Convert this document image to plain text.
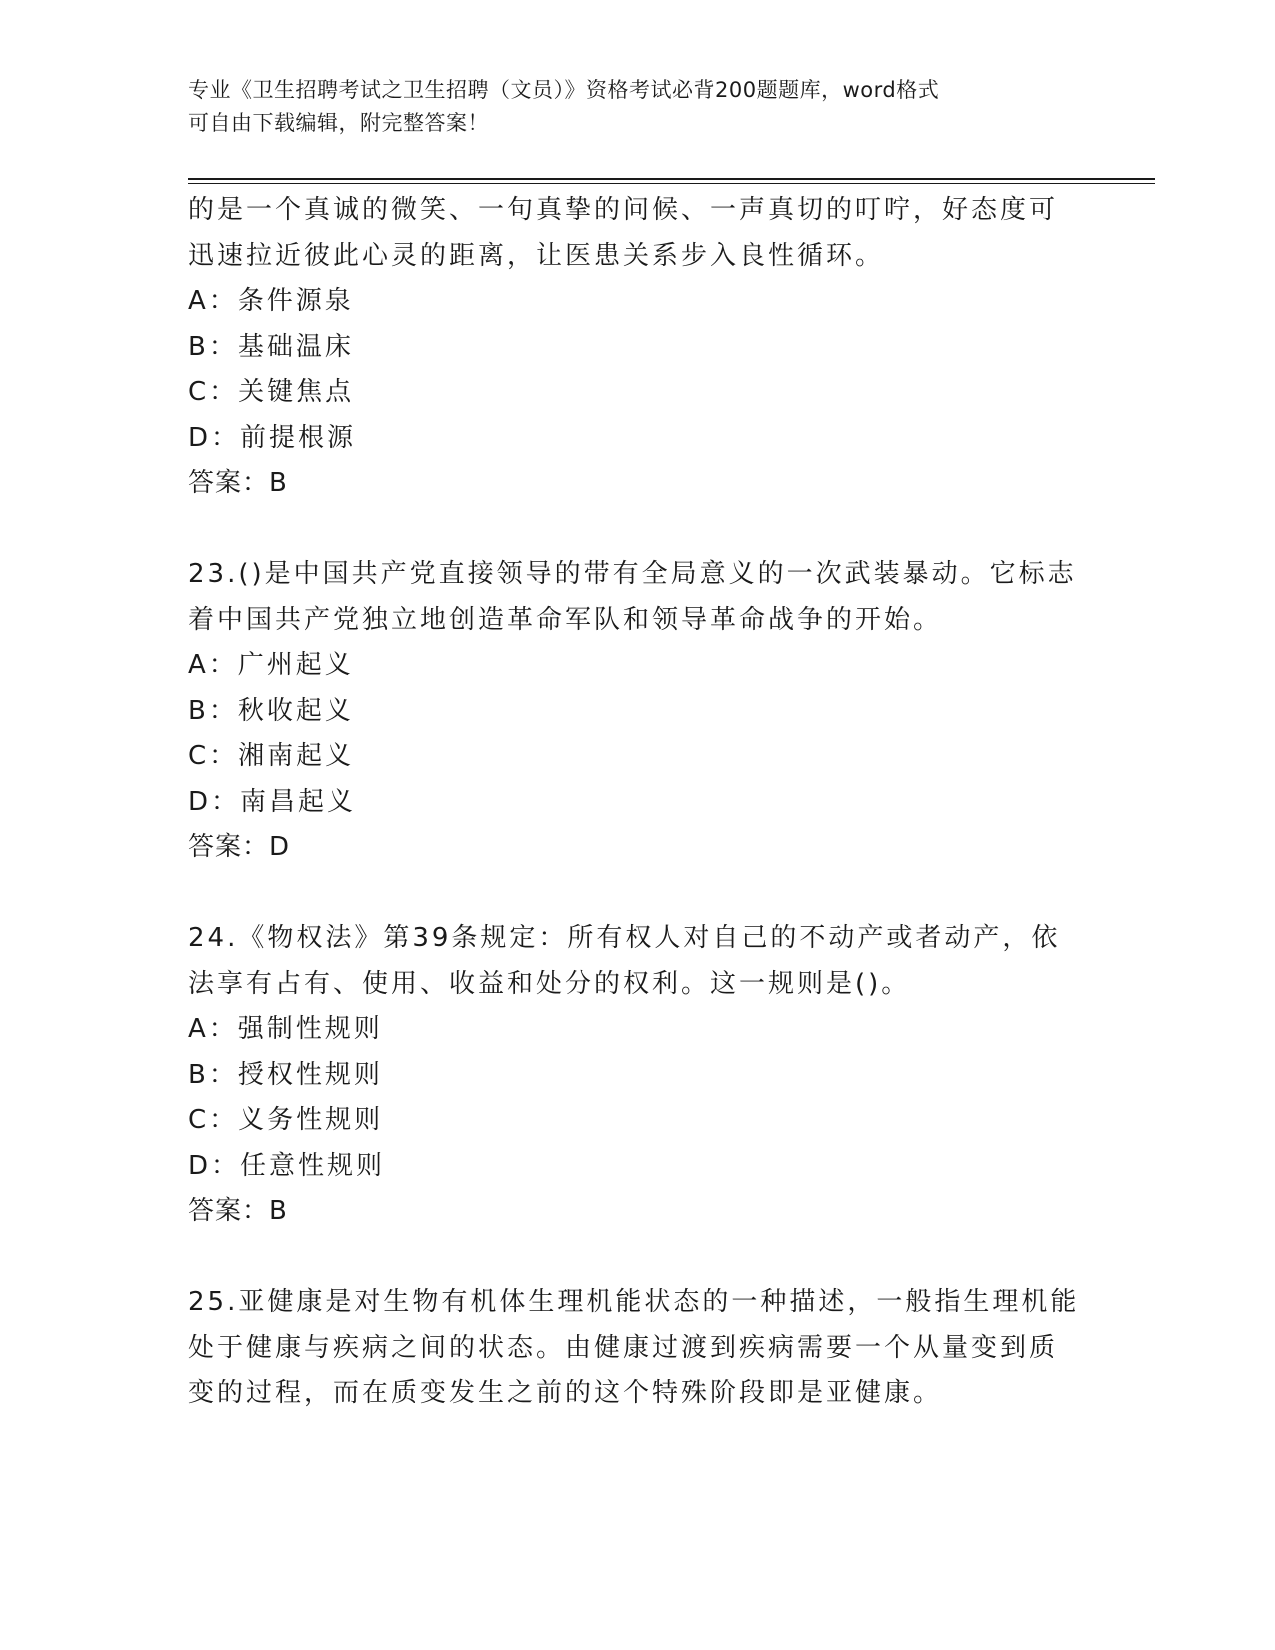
专业《卫生招聘考试之卫生招聘（文员）》资格考试必背200题题库，word格式
可自由下载编辑，附完整答案！
的是一个真诚的微笑、一句真挚的问候、一声真切的叮咛，好态度可
迅速拉近彼此心灵的距离，让医患关系步入良性循环。
A：条件源泉
B：基础温床
C：关键焦点
D：前提根源
答案：B
23.()是中国共产党直接领导的带有全局意义的一次武装暴动。它标志
着中国共产党独立地创造革命军队和领导革命战争的开始。
A：广州起义
B：秋收起义
C：湘南起义
D：南昌起义
答案：D
24.《物权法》第39条规定：所有权人对自己的不动产或者动产，依
法享有占有、使用、收益和处分的权利。这一规则是()。
A：强制性规则
B：授权性规则
C：义务性规则
D：任意性规则
答案：B
25.亚健康是对生物有机体生理机能状态的一种描述，一般指生理机能
处于健康与疾病之间的状态。由健康过渡到疾病需要一个从量变到质
变的过程，而在质变发生之前的这个特殊阶段即是亚健康。
